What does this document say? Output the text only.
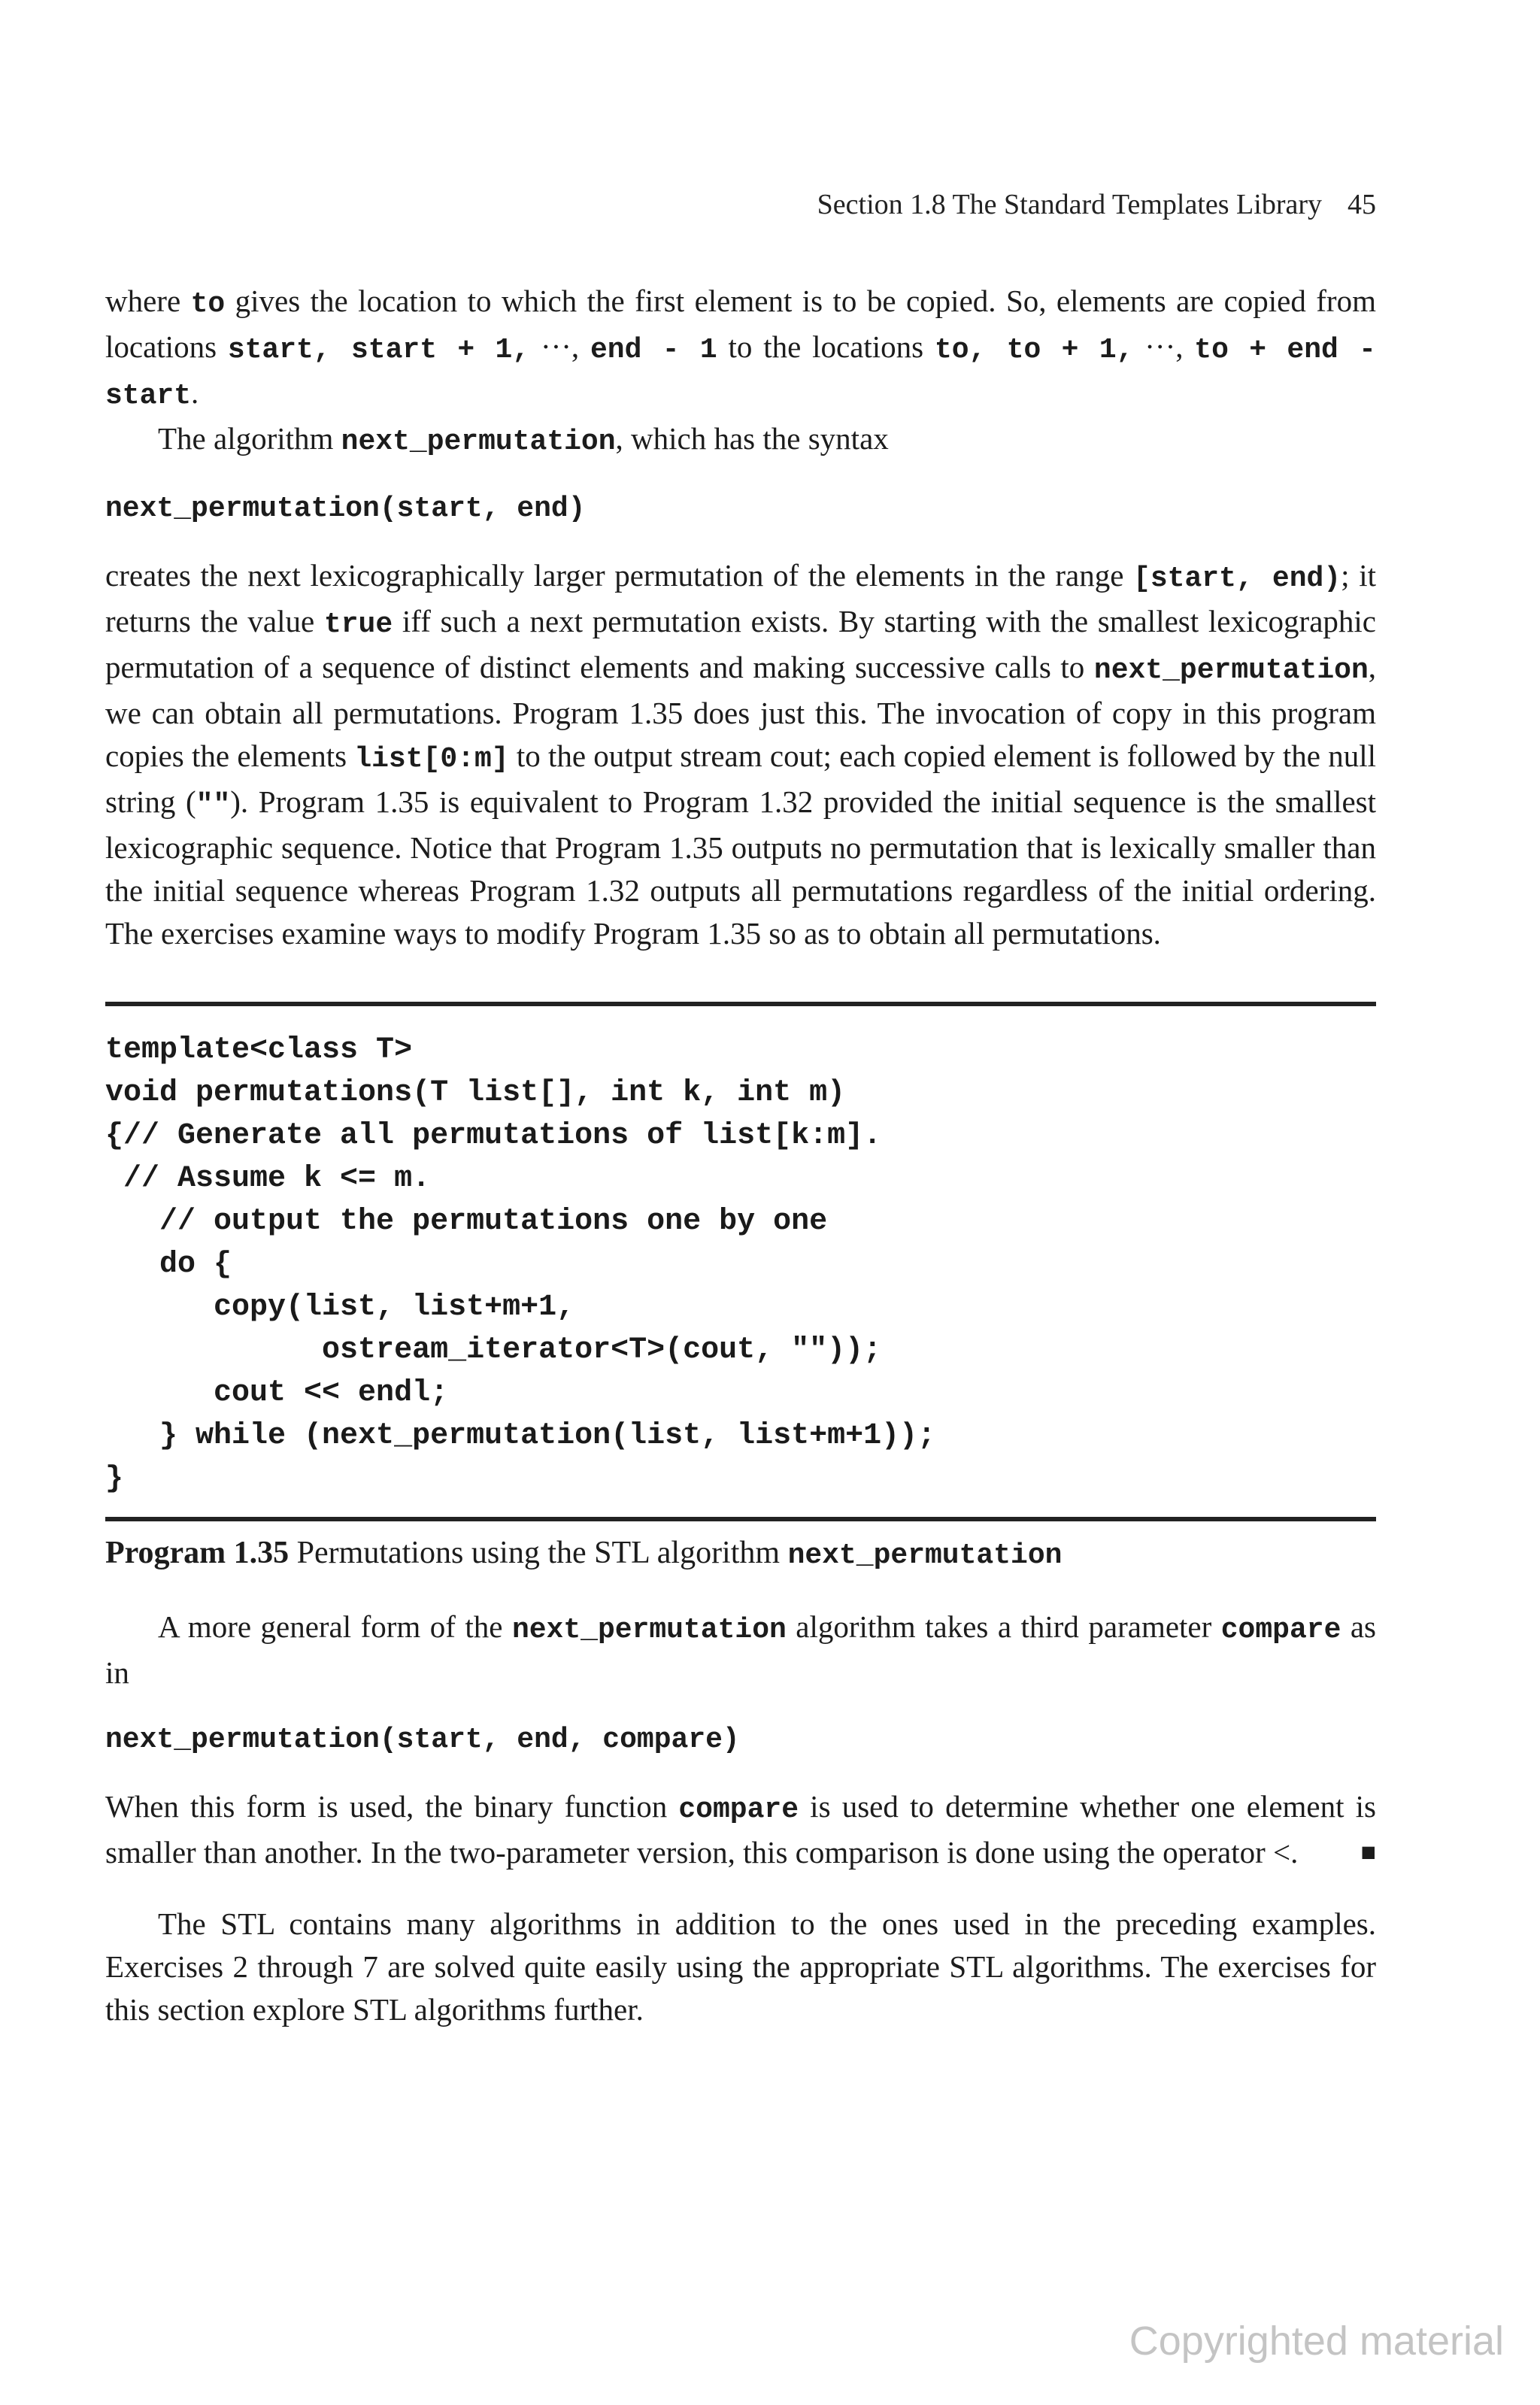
Section 1.8 The Standard Templates Library 45

where to gives the location to which the first element is to be copied. So, elements are copied from locations start, start + 1, ···, end - 1 to the locations to, to + 1, ···, to + end - start.

The algorithm next_permutation, which has the syntax

next_permutation(start, end)

creates the next lexicographically larger permutation of the elements in the range [start, end); it returns the value true iff such a next permutation exists. By starting with the smallest lexicographic permutation of a sequence of distinct elements and making successive calls to next_permutation, we can obtain all permutations. Program 1.35 does just this. The invocation of copy in this program copies the elements list[0:m] to the output stream cout; each copied element is followed by the null string (""). Program 1.35 is equivalent to Program 1.32 provided the initial sequence is the smallest lexicographic sequence. Notice that Program 1.35 outputs no permutation that is lexically smaller than the initial sequence whereas Program 1.32 outputs all permutations regardless of the initial ordering. The exercises examine ways to modify Program 1.35 so as to obtain all permutations.

template<class T>
void permutations(T list[], int k, int m)
{// Generate all permutations of list[k:m].
// Assume k <= m.
// output the permutations one by one
do {
copy(list, list+m+1,
ostream_iterator<T>(cout, ""));
cout << endl;
} while (next_permutation(list, list+m+1));
}
Program 1.35 Permutations using the STL algorithm next_permutation

A more general form of the next_permutation algorithm takes a third parameter compare as in

next_permutation(start, end, compare)

When this form is used, the binary function compare is used to determine whether one element is smaller than another. In the two-parameter version, this comparison is done using the operator <. ■

The STL contains many algorithms in addition to the ones used in the preceding examples. Exercises 2 through 7 are solved quite easily using the appropriate STL algorithms. The exercises for this section explore STL algorithms further.

Copyrighted material
